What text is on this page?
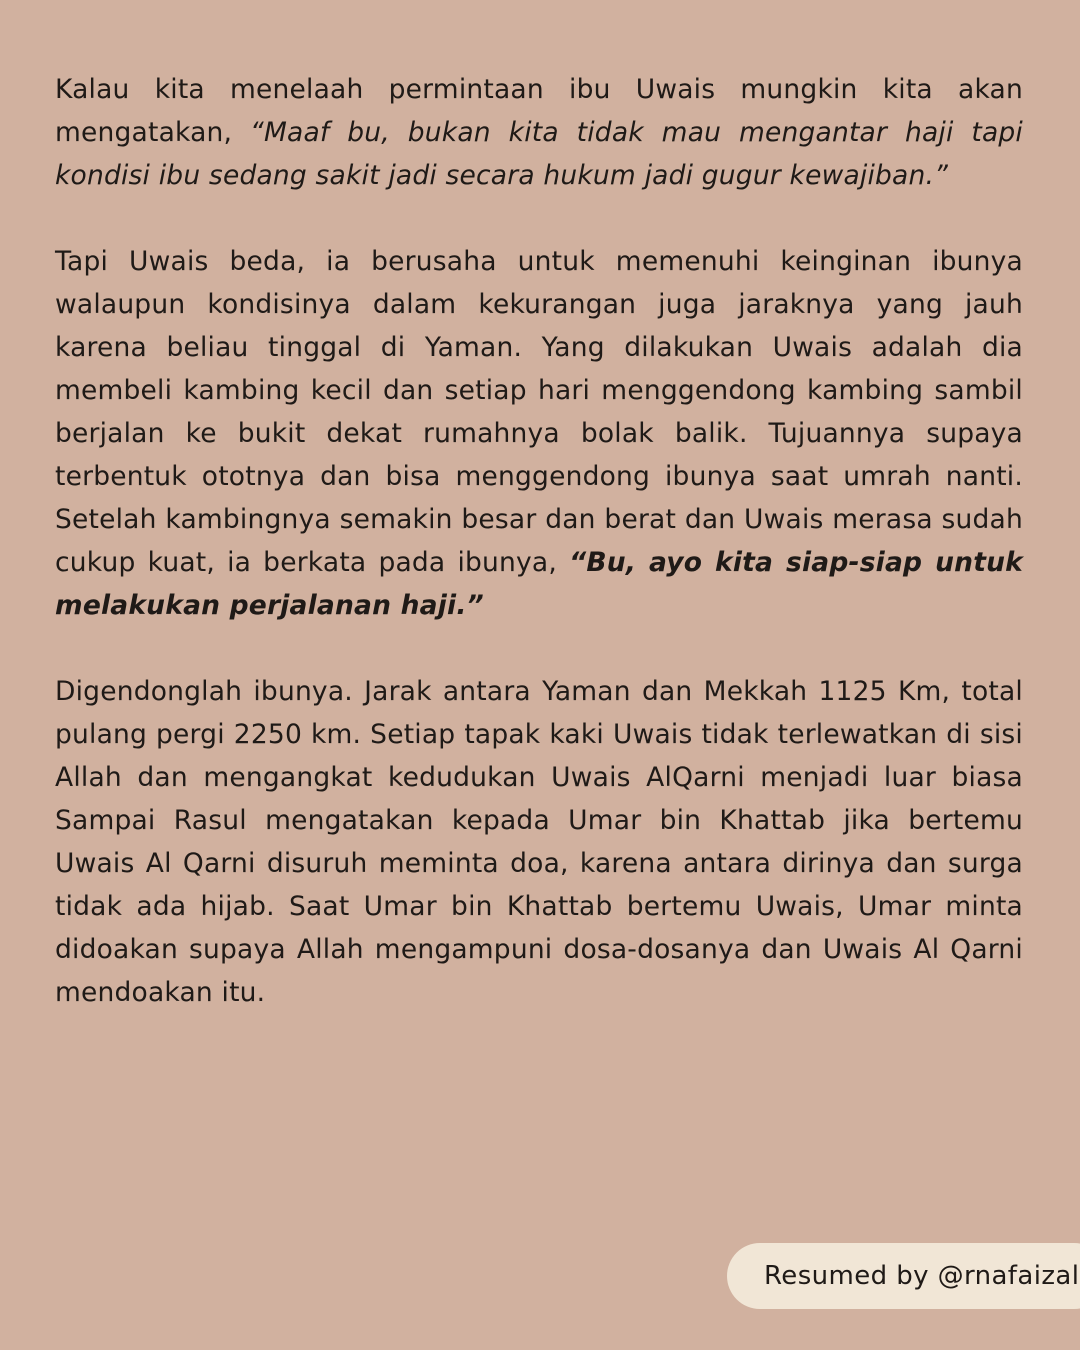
Kalau kita menelaah permintaan ibu Uwais mungkin kita akan mengatakan, “Maaf bu, bukan kita tidak mau mengantar haji tapi kondisi ibu sedang sakit jadi secara hukum jadi gugur kewajiban.”

Tapi Uwais beda, ia berusaha untuk memenuhi keinginan ibunya walaupun kondisinya dalam kekurangan juga jaraknya yang jauh karena beliau tinggal di Yaman. Yang dilakukan Uwais adalah dia membeli kambing kecil dan setiap hari menggendong kambing sambil berjalan ke bukit dekat rumahnya bolak balik. Tujuannya supaya terbentuk ototnya dan bisa menggendong ibunya saat umrah nanti. Setelah kambingnya semakin besar dan berat dan Uwais merasa sudah cukup kuat, ia berkata pada ibunya, “Bu, ayo kita siap-siap untuk melakukan perjalanan haji.”

Digendonglah ibunya. Jarak antara Yaman dan Mekkah 1125 Km, total pulang pergi 2250 km. Setiap tapak kaki Uwais tidak terlewatkan di sisi Allah dan mengangkat kedudukan Uwais AlQarni menjadi luar biasa Sampai Rasul mengatakan kepada Umar bin Khattab jika bertemu Uwais Al Qarni disuruh meminta doa, karena antara dirinya dan surga tidak ada hijab. Saat Umar bin Khattab bertemu Uwais, Umar minta didoakan supaya Allah mengampuni dosa-dosanya dan Uwais Al Qarni mendoakan itu.

Resumed by @rnafaizal
